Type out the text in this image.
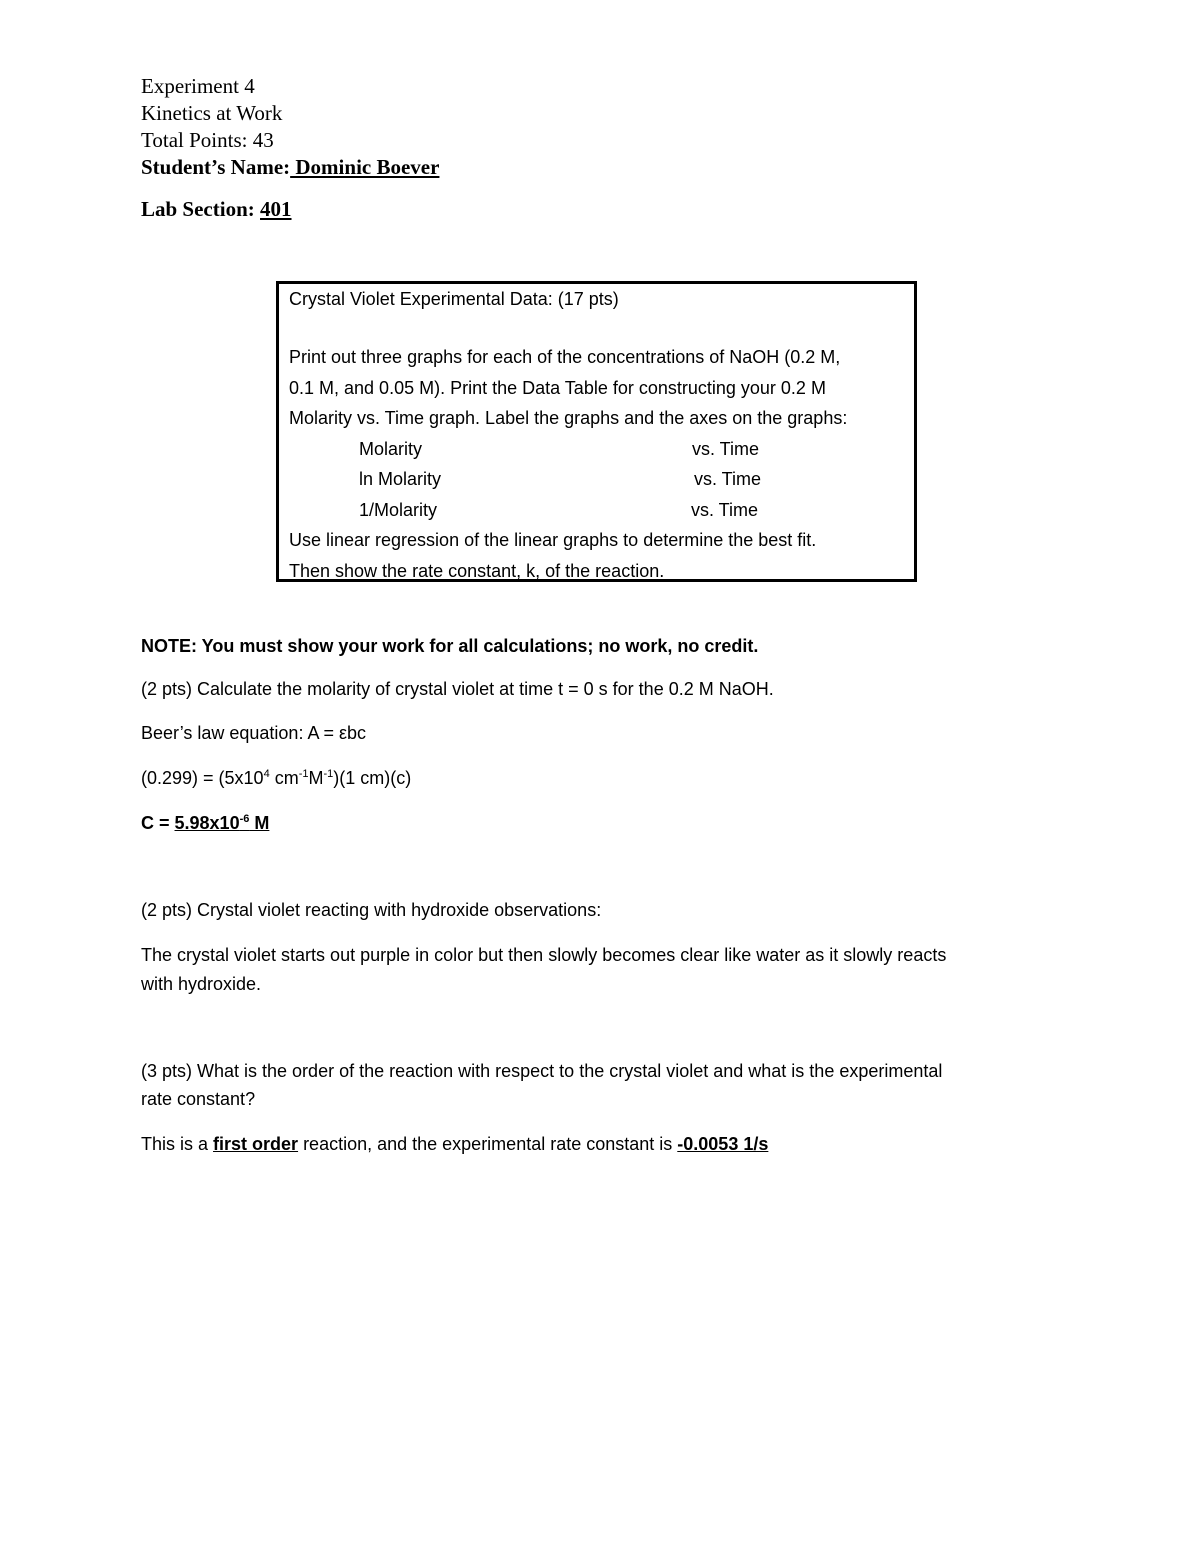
Experiment 4
Kinetics at Work
Total Points: 43
Student’s Name: Dominic Boever
Lab Section: 401
Crystal Violet Experimental Data: (17 pts)
Print out three graphs for each of the concentrations of NaOH (0.2 M,
0.1 M, and 0.05 M). Print the Data Table for constructing your 0.2 M
Molarity vs. Time graph. Label the graphs and the axes on the graphs:
Molarity	vs. Time
ln Molarity	vs. Time
1/Molarity	vs. Time
Use linear regression of the linear graphs to determine the best fit.
Then show the rate constant, k, of the reaction.
NOTE: You must show your work for all calculations; no work, no credit.
(2 pts) Calculate the molarity of crystal violet at time t = 0 s for the 0.2 M NaOH.
Beer’s law equation: A = εbc
$(0.299) = (5x10^4$ $cm^{-1}M^{-1})(1$ cm)(c)
$C = 5.98x10^{-6}$ M
(2 pts) Crystal violet reacting with hydroxide observations:
The crystal violet starts out purple in color but then slowly becomes clear like water as it slowly reacts
with hydroxide.
(3 pts) What is the order of the reaction with respect to the crystal violet and what is the experimental
rate constant?
This is a first order reaction, and the experimental rate constant is -0.0053 1/s
